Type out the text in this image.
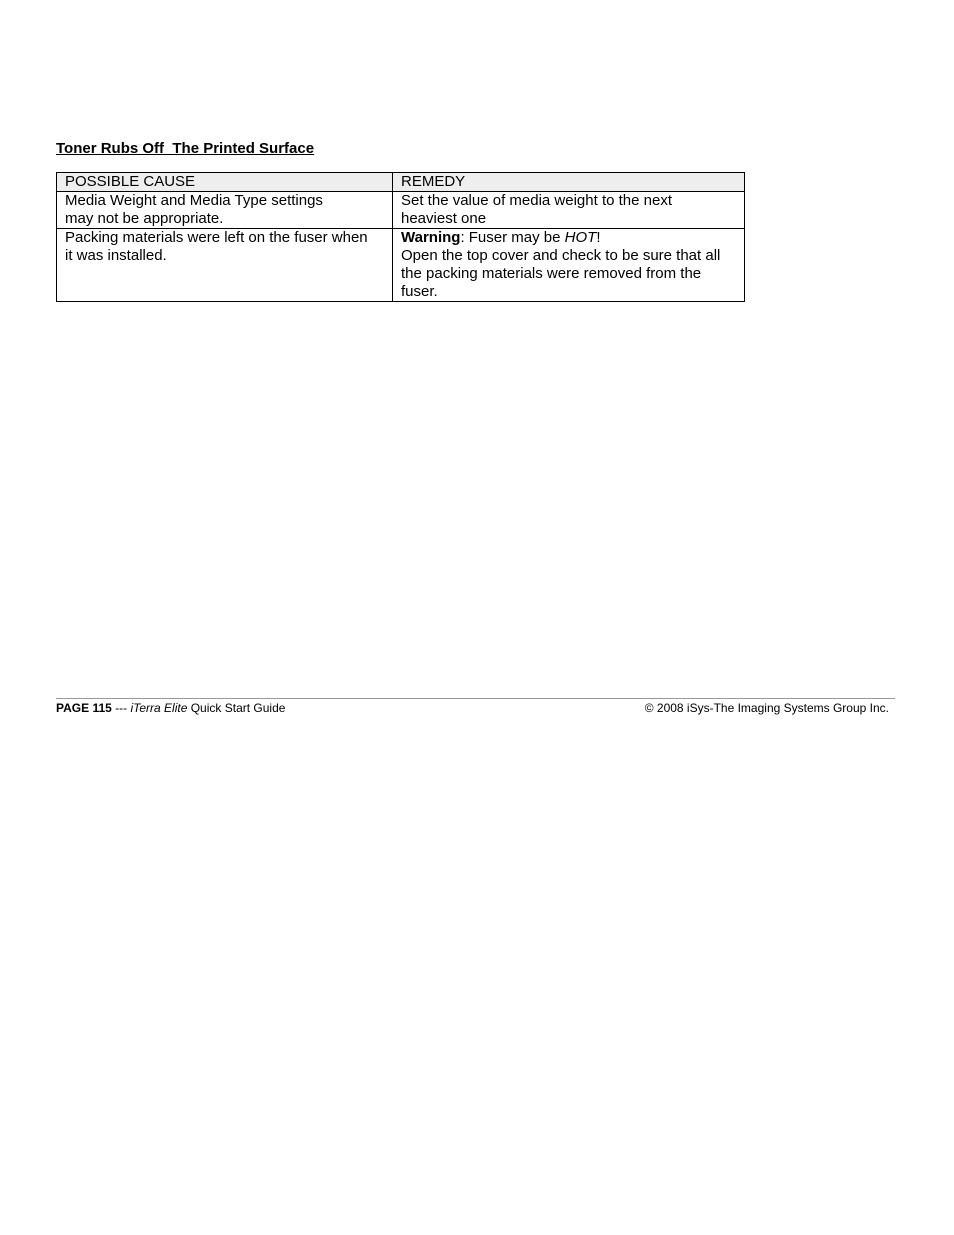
Toner Rubs Off  The Printed Surface
POSSIBLE CAUSE	REMEDY

Media Weight and Media Type settings
may not be appropriate.	Set the value of media weight to the next
heaviest one

Packing materials were left on the fuser when
it was installed.	Warning: Fuser may be HOT!
Open the top cover and check to be sure that all
the packing materials were removed from the
fuser.
PAGE 115 --- iTerra Elite Quick Start Guide	© 2008 iSys-The Imaging Systems Group Inc.
